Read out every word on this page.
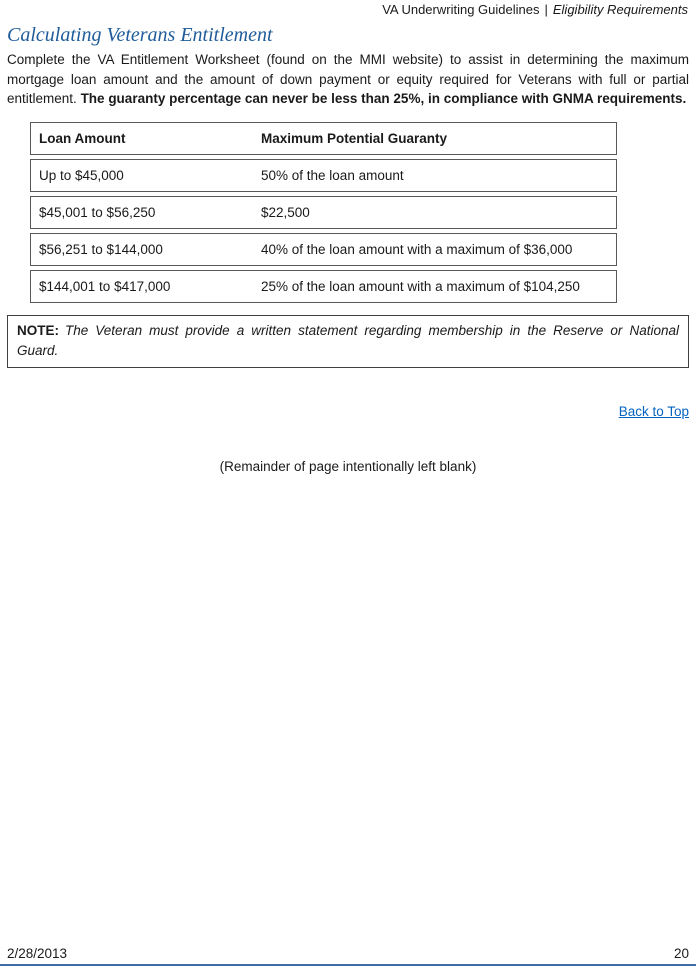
VA Underwriting Guidelines | Eligibility Requirements
Calculating Veterans Entitlement

Complete the VA Entitlement Worksheet (found on the MMI website) to assist in determining the maximum mortgage loan amount and the amount of down payment or equity required for Veterans with full or partial entitlement. The guaranty percentage can never be less than 25%, in compliance with GNMA requirements.

Loan Amount	Maximum Potential Guaranty
Up to $45,000	50% of the loan amount
$45,001 to $56,250	$22,500
$56,251 to $144,000	40% of the loan amount with a maximum of $36,000
$144,001 to $417,000	25% of the loan amount with a maximum of $104,250
NOTE: The Veteran must provide a written statement regarding membership in the Reserve or National Guard.
Back to Top
(Remainder of page intentionally left blank)
2/28/2013	20
